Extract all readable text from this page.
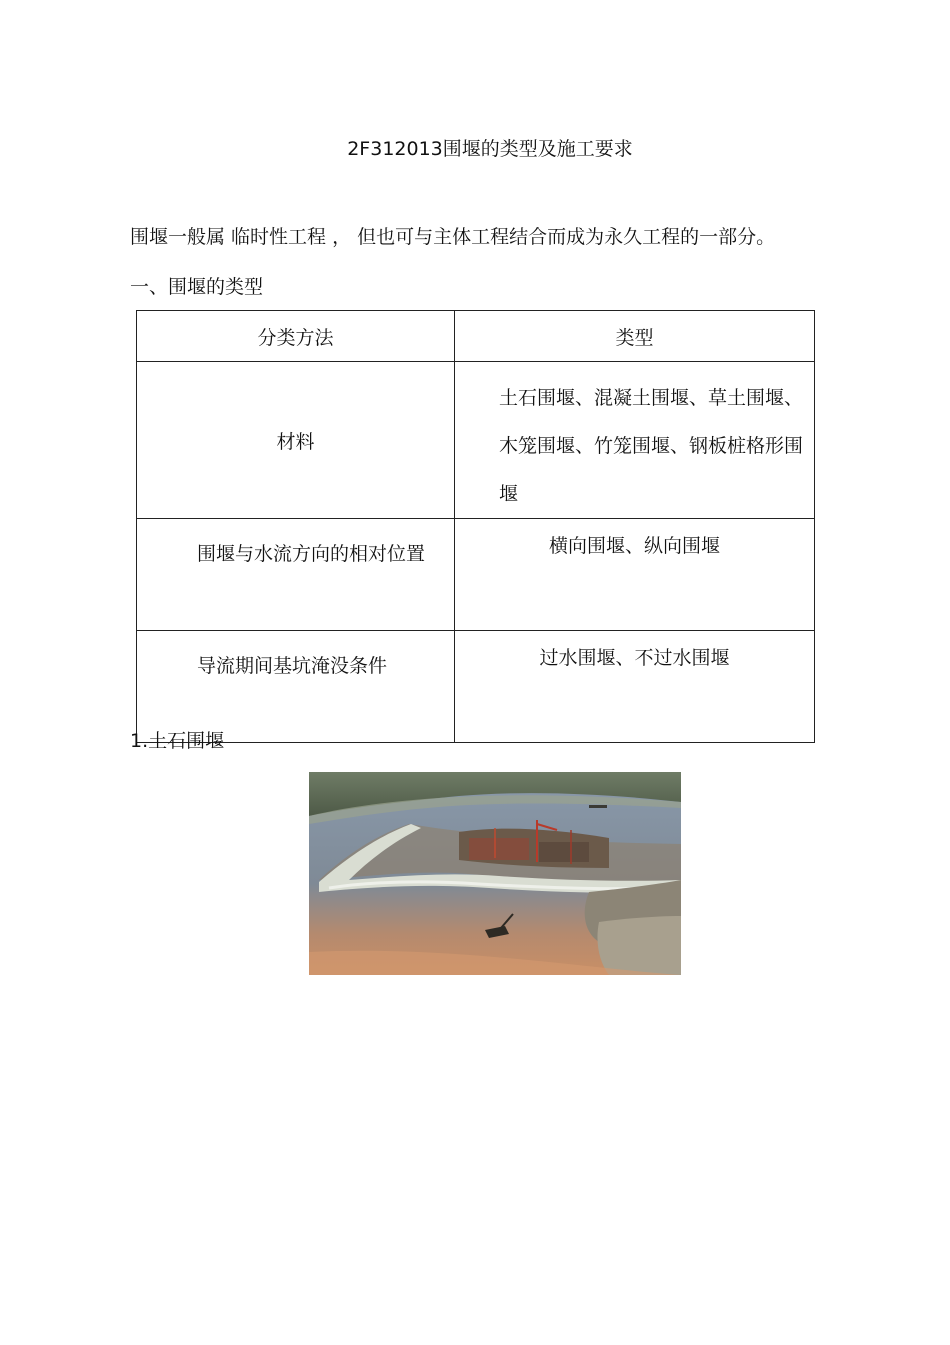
2F312013围堰的类型及施工要求
围堰一般属 临时性工程 ， 但也可与主体工程结合而成为永久工程的一部分。
一、围堰的类型
分类方法	类型
材料	土石围堰、混凝土围堰、草土围堰、 木笼围堰、竹笼围堰、钢板桩格形围堰
围堰与水流方向的相对位置	横向围堰、纵向围堰
导流期间基坑淹没条件	过水围堰、不过水围堰
1.土石围堰
